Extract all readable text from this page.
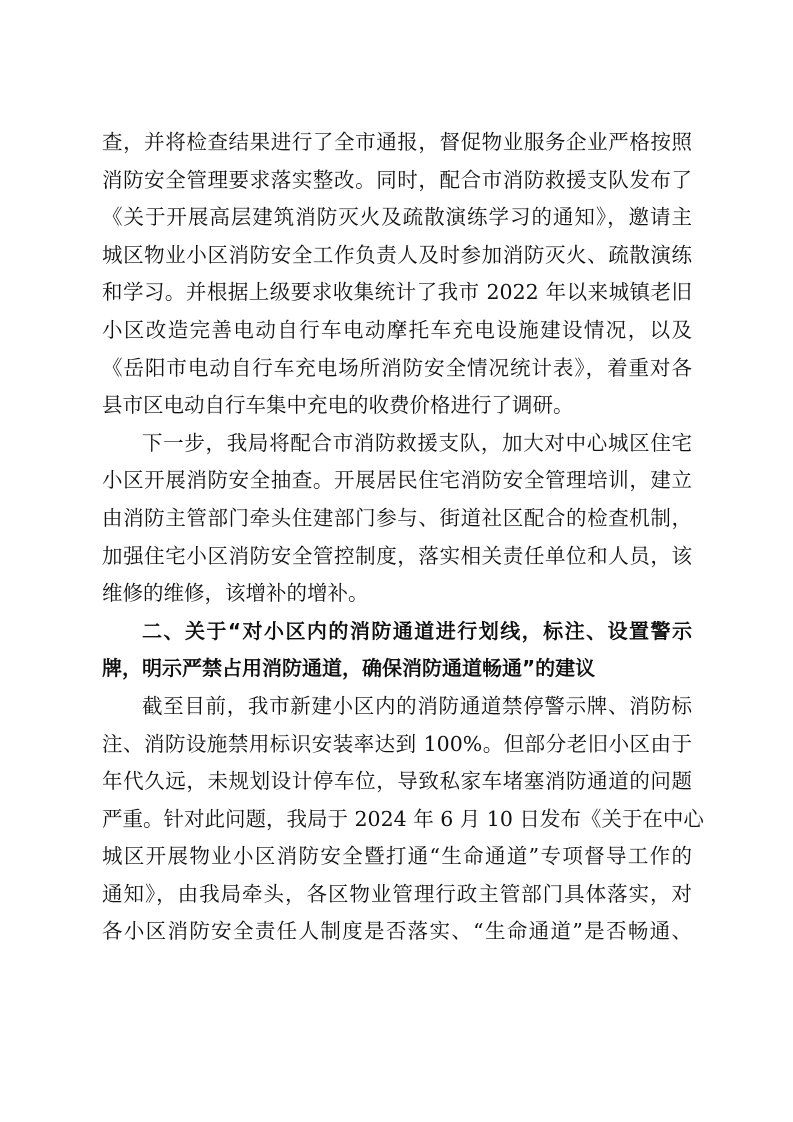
查，并将检查结果进行了全市通报，督促物业服务企业严格按照
消防安全管理要求落实整改。同时，配合市消防救援支队发布了
《关于开展高层建筑消防灭火及疏散演练学习的通知》，邀请主
城区物业小区消防安全工作负责人及时参加消防灭火、疏散演练
和学习。并根据上级要求收集统计了我市 2022 年以来城镇老旧
小区改造完善电动自行车电动摩托车充电设施建设情况，以及
《岳阳市电动自行车充电场所消防安全情况统计表》，着重对各
县市区电动自行车集中充电的收费价格进行了调研。
下一步，我局将配合市消防救援支队，加大对中心城区住宅
小区开展消防安全抽查。开展居民住宅消防安全管理培训，建立
由消防主管部门牵头住建部门参与、街道社区配合的检查机制，
加强住宅小区消防安全管控制度，落实相关责任单位和人员，该
维修的维修，该增补的增补。
二、关于“对小区内的消防通道进行划线，标注、设置警示
牌，明示严禁占用消防通道，确保消防通道畅通”的建议
截至目前，我市新建小区内的消防通道禁停警示牌、消防标
注、消防设施禁用标识安装率达到 100%。但部分老旧小区由于
年代久远，未规划设计停车位，导致私家车堵塞消防通道的问题
严重。针对此问题，我局于 2024 年 6 月 10 日发布《关于在中心
城区开展物业小区消防安全暨打通“生命通道”专项督导工作的
通知》，由我局牵头，各区物业管理行政主管部门具体落实，对
各小区消防安全责任人制度是否落实、“生命通道”是否畅通、
